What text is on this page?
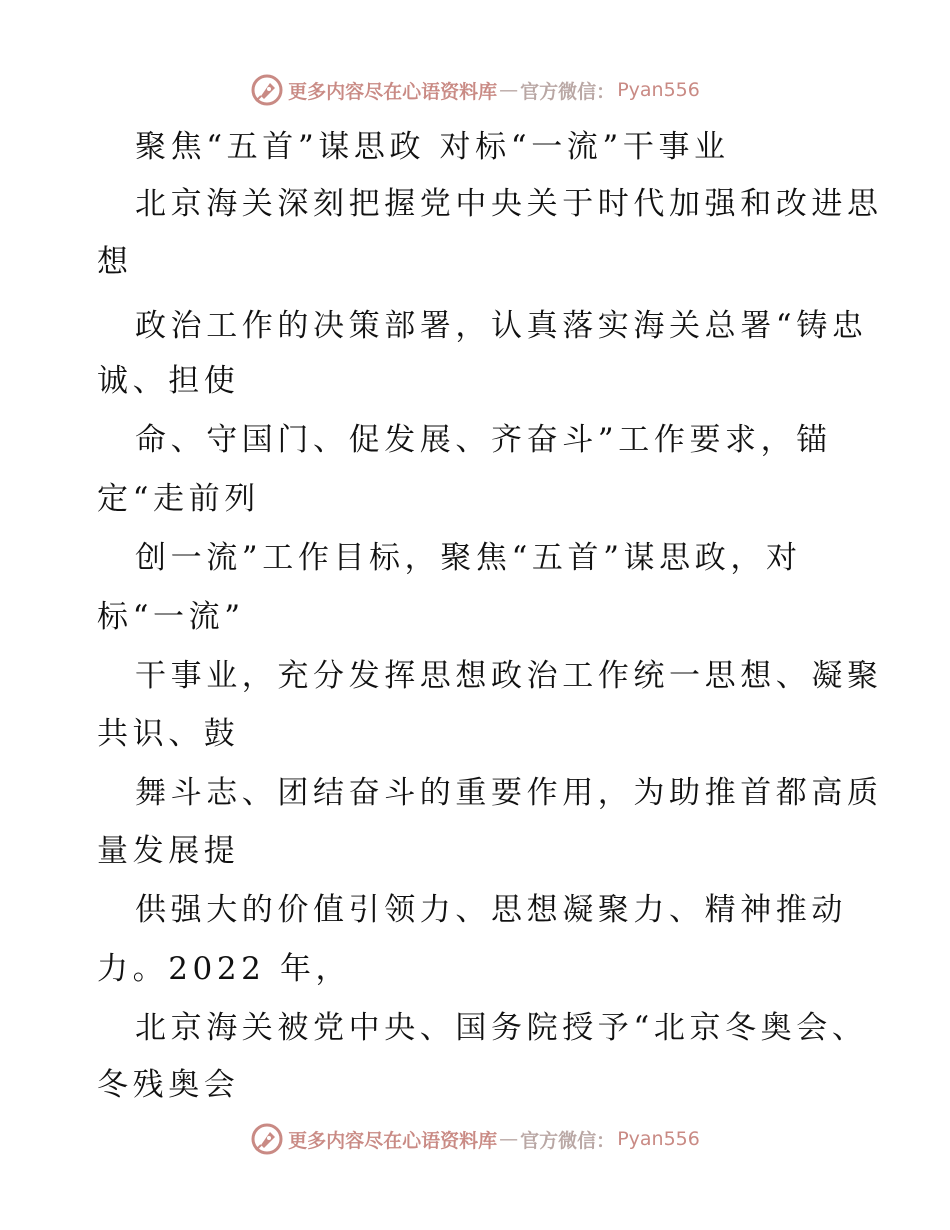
更多内容尽在心语资料库 — 官方微信： Pyan556
聚焦“五首”谋思政 对标“一流”干事业
北京海关深刻把握党中央关于时代加强和改进思
想
政治工作的决策部署，认真落实海关总署“铸忠
诚、担使
命、守国门、促发展、齐奋斗”工作要求，锚
定“走前列
创一流”工作目标，聚焦“五首”谋思政，对
标“一流”
干事业，充分发挥思想政治工作统一思想、凝聚
共识、鼓
舞斗志、团结奋斗的重要作用，为助推首都高质
量发展提
供强大的价值引领力、思想凝聚力、精神推动
力。2022 年，
北京海关被党中央、国务院授予“北京冬奥会、
冬残奥会
更多内容尽在心语资料库 — 官方微信： Pyan556
